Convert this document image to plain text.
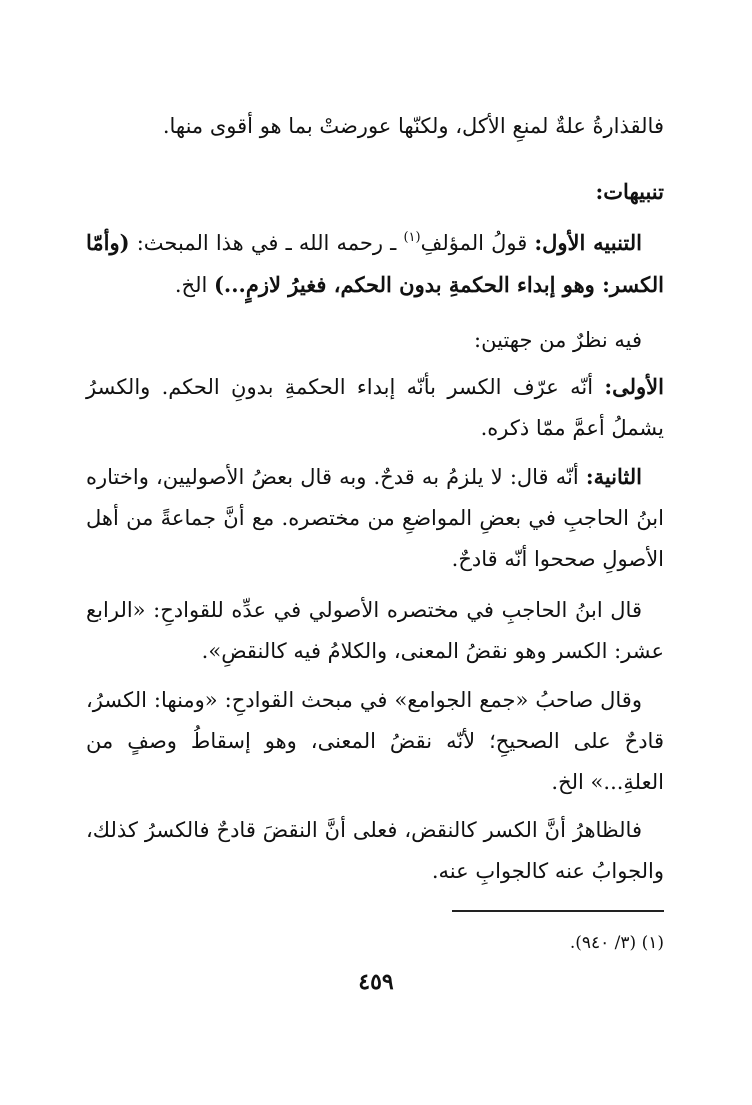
فالقذارةُ علةٌ لمنعِ الأكل، ولكنّها عورضتْ بما هو أقوى منها.

تنبيهات:

التنبيه الأول: قولُ المؤلفِ$^{(١)}$ ـ رحمه الله ـ في هذا المبحث: (وأمّا الكسر: وهو إبداء الحكمةِ بدون الحكم، فغيرُ لازمٍ...) الخ.

فيه نظرٌ من جهتين:

الأولى: أنّه عرّف الكسر بأنّه إبداء الحكمةِ بدونِ الحكم. والكسرُ يشملُ أعمَّ ممّا ذكره.

الثانية: أنّه قال: لا يلزمُ به قدحٌ. وبه قال بعضُ الأصوليين، واختاره ابنُ الحاجبِ في بعضِ المواضعِ من مختصره. مع أنَّ جماعةً من أهل الأصولِ صححوا أنّه قادحٌ.

قال ابنُ الحاجبِ في مختصره الأصولي في عدِّه للقوادحِ: «الرابع عشر: الكسر وهو نقضُ المعنى، والكلامُ فيه كالنقضِ».

وقال صاحبُ «جمع الجوامع» في مبحث القوادحِ: «ومنها: الكسرُ، قادحٌ على الصحيحِ؛ لأنّه نقضُ المعنى، وهو إسقاطُ وصفٍ من العلةِ...» الخ.

فالظاهرُ أنَّ الكسر كالنقض، فعلى أنَّ النقضَ قادحٌ فالكسرُ كذلك، والجوابُ عنه كالجوابِ عنه.

(١) (٣/ ٩٤٠).
٤٥٩
